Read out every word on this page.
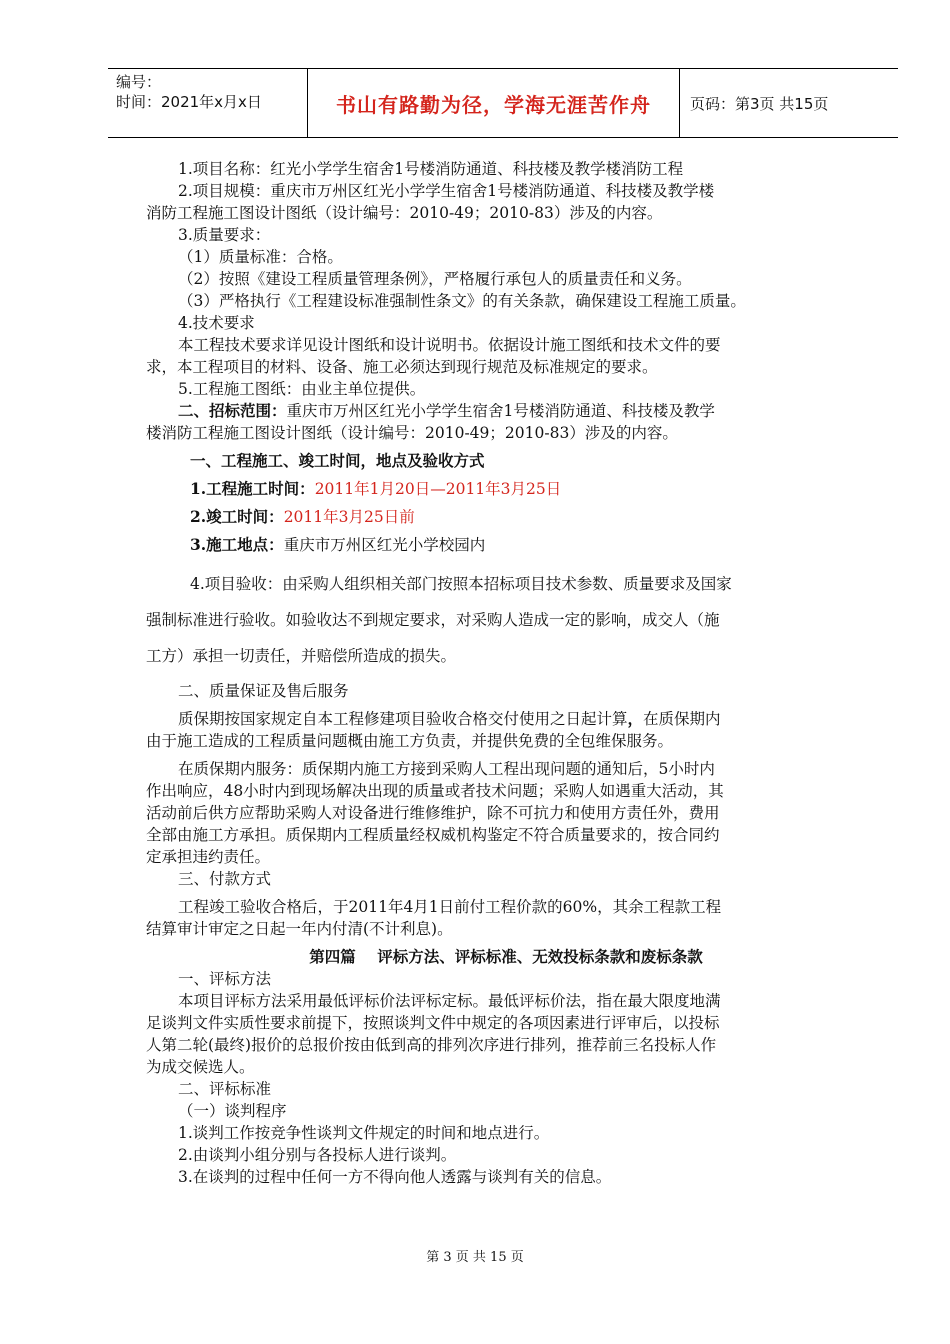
编号：
时间：2021年x月x日	书山有路勤为径，学海无涯苦作舟	页码：第3页 共15页
1.项目名称：红光小学学生宿舍1号楼消防通道、科技楼及教学楼消防工程
2.项目规模：重庆市万州区红光小学学生宿舍1号楼消防通道、科技楼及教学楼
消防工程施工图设计图纸（设计编号：2010-49；2010-83）涉及的内容。
3.质量要求：
（1）质量标准：合格。
（2）按照《建设工程质量管理条例》，严格履行承包人的质量责任和义务。
（3）严格执行《工程建设标准强制性条文》的有关条款，确保建设工程施工质量。
4.技术要求
本工程技术要求详见设计图纸和设计说明书。依据设计施工图纸和技术文件的要
求，本工程项目的材料、设备、施工必须达到现行规范及标准规定的要求。
5.工程施工图纸：由业主单位提供。
二、招标范围：重庆市万州区红光小学学生宿舍1号楼消防通道、科技楼及教学
楼消防工程施工图设计图纸（设计编号：2010-49；2010-83）涉及的内容。
一、工程施工、竣工时间，地点及验收方式
1.工程施工时间：2011年1月20日—2011年3月25日
2.竣工时间：2011年3月25日前
3.施工地点：重庆市万州区红光小学校园内
4.项目验收：由采购人组织相关部门按照本招标项目技术参数、质量要求及国家
强制标准进行验收。如验收达不到规定要求，对采购人造成一定的影响，成交人（施
工方）承担一切责任，并赔偿所造成的损失。
二、质量保证及售后服务
质保期按国家规定自本工程修建项目验收合格交付使用之日起计算，在质保期内
由于施工造成的工程质量问题概由施工方负责，并提供免费的全包维保服务。
在质保期内服务：质保期内施工方接到采购人工程出现问题的通知后，5小时内
作出响应，48小时内到现场解决出现的质量或者技术问题；采购人如遇重大活动，其
活动前后供方应帮助采购人对设备进行维修维护，除不可抗力和使用方责任外，费用
全部由施工方承担。质保期内工程质量经权威机构鉴定不符合质量要求的，按合同约
定承担违约责任。
三、付款方式
工程竣工验收合格后，于2011年4月1日前付工程价款的60%，其余工程款工程
结算审计审定之日起一年内付清(不计利息)。
第四篇    评标方法、评标标准、无效投标条款和废标条款
一、评标方法
本项目评标方法采用最低评标价法评标定标。最低评标价法，指在最大限度地满
足谈判文件实质性要求前提下，按照谈判文件中规定的各项因素进行评审后，以投标
人第二轮(最终)报价的总报价按由低到高的排列次序进行排列，推荐前三名投标人作
为成交候选人。
二、评标标准
（一）谈判程序
1.谈判工作按竞争性谈判文件规定的时间和地点进行。
2.由谈判小组分别与各投标人进行谈判。
3.在谈判的过程中任何一方不得向他人透露与谈判有关的信息。
第 3 页 共 15 页
